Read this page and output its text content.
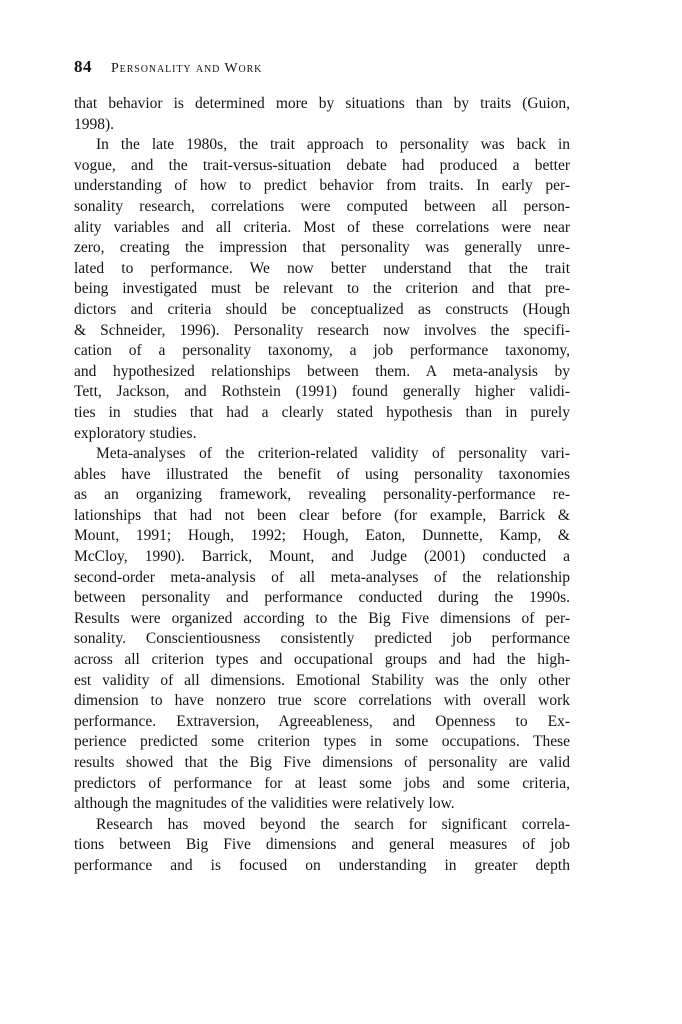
84 Personality and Work
that behavior is determined more by situations than by traits (Guion,
1998).
In the late 1980s, the trait approach to personality was back in
vogue, and the trait-versus-situation debate had produced a better
understanding of how to predict behavior from traits. In early per-
sonality research, correlations were computed between all person-
ality variables and all criteria. Most of these correlations were near
zero, creating the impression that personality was generally unre-
lated to performance. We now better understand that the trait
being investigated must be relevant to the criterion and that pre-
dictors and criteria should be conceptualized as constructs (Hough
& Schneider, 1996). Personality research now involves the specifi-
cation of a personality taxonomy, a job performance taxonomy,
and hypothesized relationships between them. A meta-analysis by
Tett, Jackson, and Rothstein (1991) found generally higher validi-
ties in studies that had a clearly stated hypothesis than in purely
exploratory studies.
Meta-analyses of the criterion-related validity of personality vari-
ables have illustrated the benefit of using personality taxonomies
as an organizing framework, revealing personality-performance re-
lationships that had not been clear before (for example, Barrick &
Mount, 1991; Hough, 1992; Hough, Eaton, Dunnette, Kamp, &
McCloy, 1990). Barrick, Mount, and Judge (2001) conducted a
second-order meta-analysis of all meta-analyses of the relationship
between personality and performance conducted during the 1990s.
Results were organized according to the Big Five dimensions of per-
sonality. Conscientiousness consistently predicted job performance
across all criterion types and occupational groups and had the high-
est validity of all dimensions. Emotional Stability was the only other
dimension to have nonzero true score correlations with overall work
performance. Extraversion, Agreeableness, and Openness to Ex-
perience predicted some criterion types in some occupations. These
results showed that the Big Five dimensions of personality are valid
predictors of performance for at least some jobs and some criteria,
although the magnitudes of the validities were relatively low.
Research has moved beyond the search for significant correla-
tions between Big Five dimensions and general measures of job
performance and is focused on understanding in greater depth
